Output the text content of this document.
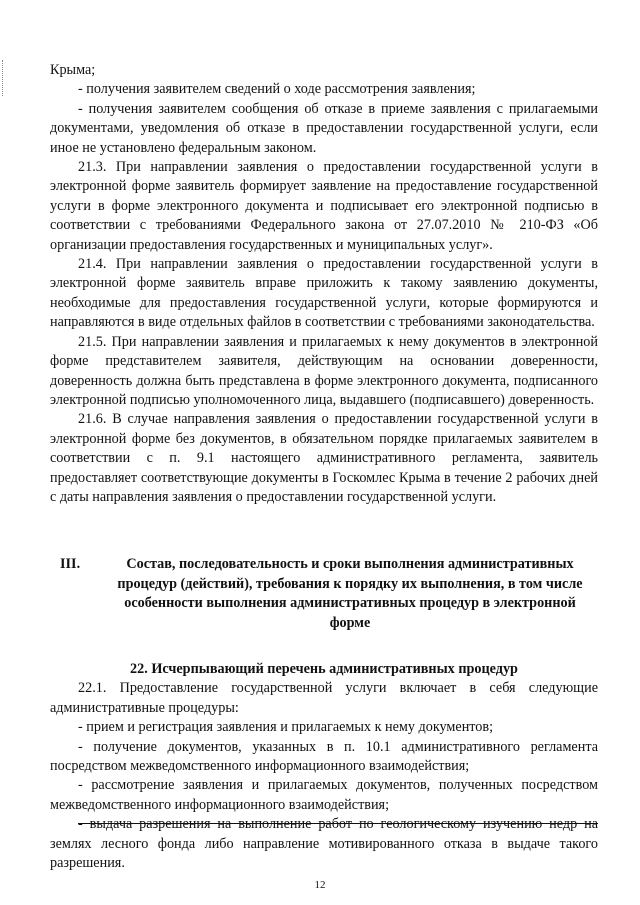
Крыма;

- получения заявителем сведений о ходе рассмотрения заявления;

- получения заявителем сообщения об отказе в приеме заявления с прилагаемыми документами, уведомления об отказе в предоставлении государственной услуги, если иное не установлено федеральным законом.

21.3. При направлении заявления о предоставлении государственной услуги в электронной форме заявитель формирует заявление на предоставление государственной услуги в форме электронного документа и подписывает его электронной подписью в соответствии с требованиями Федерального закона от 27.07.2010 № 210-ФЗ «Об организации предоставления государственных и муниципальных услуг».

21.4. При направлении заявления о предоставлении государственной услуги в электронной форме заявитель вправе приложить к такому заявлению документы, необходимые для предоставления государственной услуги, которые формируются и направляются в виде отдельных файлов в соответствии с требованиями законодательства.

21.5. При направлении заявления и прилагаемых к нему документов в электронной форме представителем заявителя, действующим на основании доверенности, доверенность должна быть представлена в форме электронного документа, подписанного электронной подписью уполномоченного лица, выдавшего (подписавшего) доверенность.

21.6. В случае направления заявления о предоставлении государственной услуги в электронной форме без документов, в обязательном порядке прилагаемых заявителем в соответствии с п. 9.1 настоящего административного регламента, заявитель предоставляет соответствующие документы в Госкомлес Крыма в течение 2 рабочих дней с даты направления заявления о предоставлении государственной услуги.

III.	Состав, последовательность и сроки выполнения административных процедур (действий), требования к порядку их выполнения, в том числе особенности выполнения административных процедур в электронной форме

22. Исчерпывающий перечень административных процедур

22.1. Предоставление государственной услуги включает в себя следующие административные процедуры:

- прием и регистрация заявления и прилагаемых к нему документов;

- получение документов, указанных в п. 10.1 административного регламента посредством межведомственного информационного взаимодействия;

- рассмотрение заявления и прилагаемых документов, полученных посредством межведомственного информационного взаимодействия;

- выдача разрешения на выполнение работ по геологическому изучению недр на землях лесного фонда либо направление мотивированного отказа в выдаче такого разрешения.

12
